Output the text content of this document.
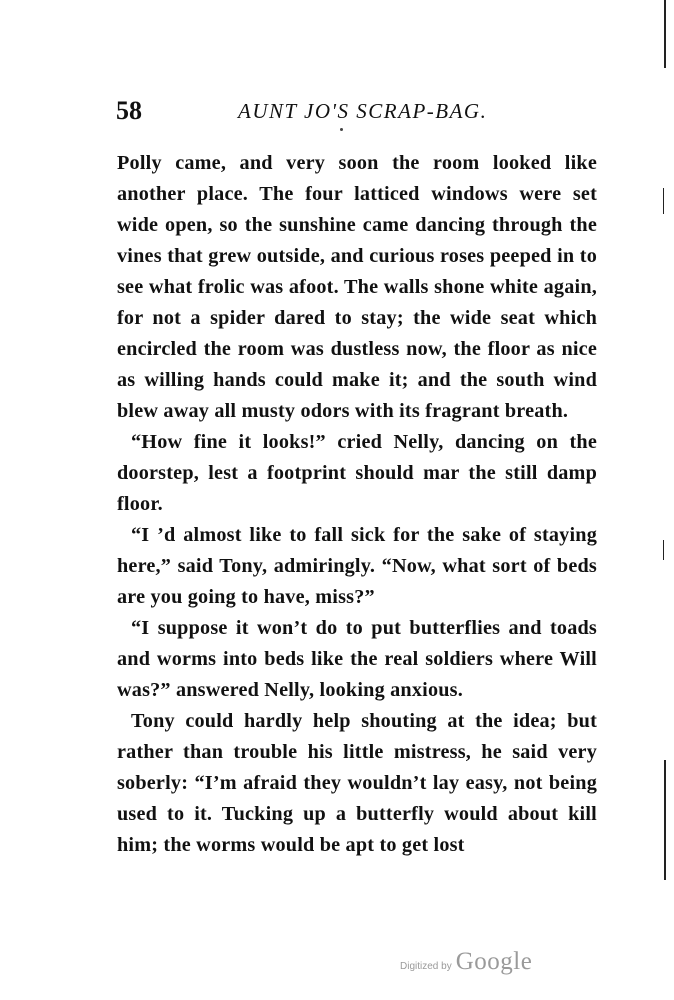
58	AUNT JO'S SCRAP-BAG.

Polly came, and very soon the room looked like another place. The four latticed windows were set wide open, so the sunshine came dancing through the vines that grew outside, and curious roses peeped in to see what frolic was afoot. The walls shone white again, for not a spider dared to stay; the wide seat which encircled the room was dustless now, the floor as nice as willing hands could make it; and the south wind blew away all musty odors with its fragrant breath.

“How fine it looks!” cried Nelly, dancing on the doorstep, lest a footprint should mar the still damp floor.

“I ’d almost like to fall sick for the sake of staying here,” said Tony, admiringly. “Now, what sort of beds are you going to have, miss?”

“I suppose it won’t do to put butterflies and toads and worms into beds like the real soldiers where Will was?” answered Nelly, looking anxious.

Tony could hardly help shouting at the idea; but rather than trouble his little mistress, he said very soberly: “I’m afraid they wouldn’t lay easy, not being used to it. Tucking up a butterfly would about kill him; the worms would be apt to get lost

Digitized by Google
